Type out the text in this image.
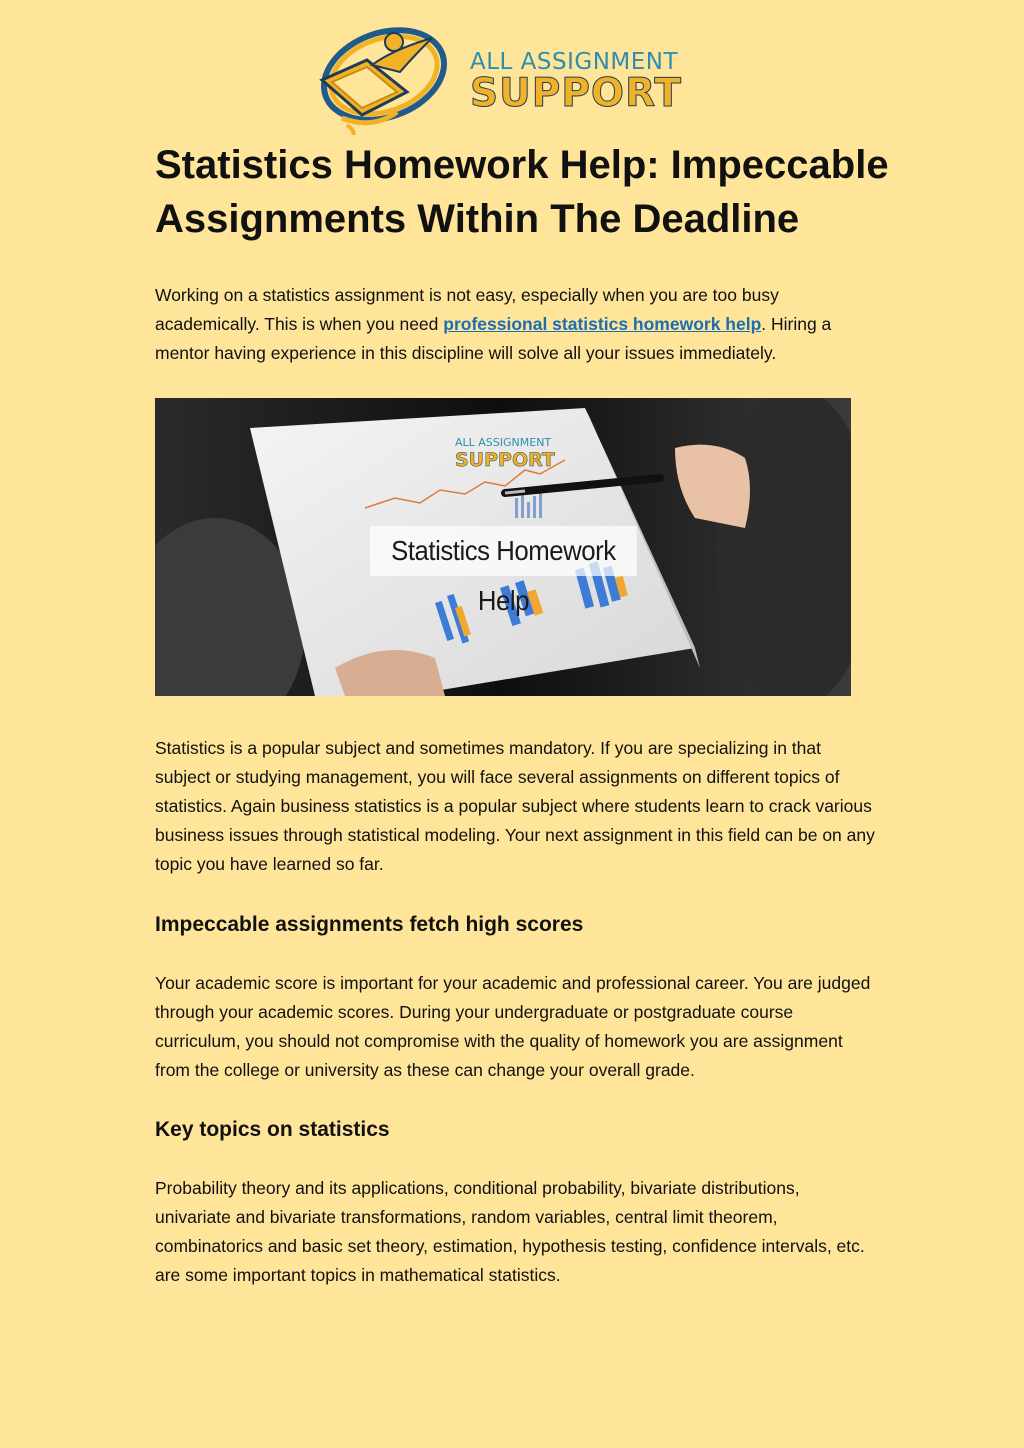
ALL ASSIGNMENT
SUPPORT
Statistics Homework Help: Impeccable Assignments Within The Deadline

Working on a statistics assignment is not easy, especially when you are too busy academically. This is when you need professional statistics homework help. Hiring a mentor having experience in this discipline will solve all your issues immediately.

ALL ASSIGNMENT
SUPPORT
Statistics Homework Help

Statistics is a popular subject and sometimes mandatory. If you are specializing in that subject or studying management, you will face several assignments on different topics of statistics. Again business statistics is a popular subject where students learn to crack various business issues through statistical modeling. Your next assignment in this field can be on any topic you have learned so far.

Impeccable assignments fetch high scores

Your academic score is important for your academic and professional career. You are judged through your academic scores. During your undergraduate or postgraduate course curriculum, you should not compromise with the quality of homework you are assignment from the college or university as these can change your overall grade.

Key topics on statistics

Probability theory and its applications, conditional probability, bivariate distributions, univariate and bivariate transformations, random variables, central limit theorem, combinatorics and basic set theory, estimation, hypothesis testing, confidence intervals, etc. are some important topics in mathematical statistics.
